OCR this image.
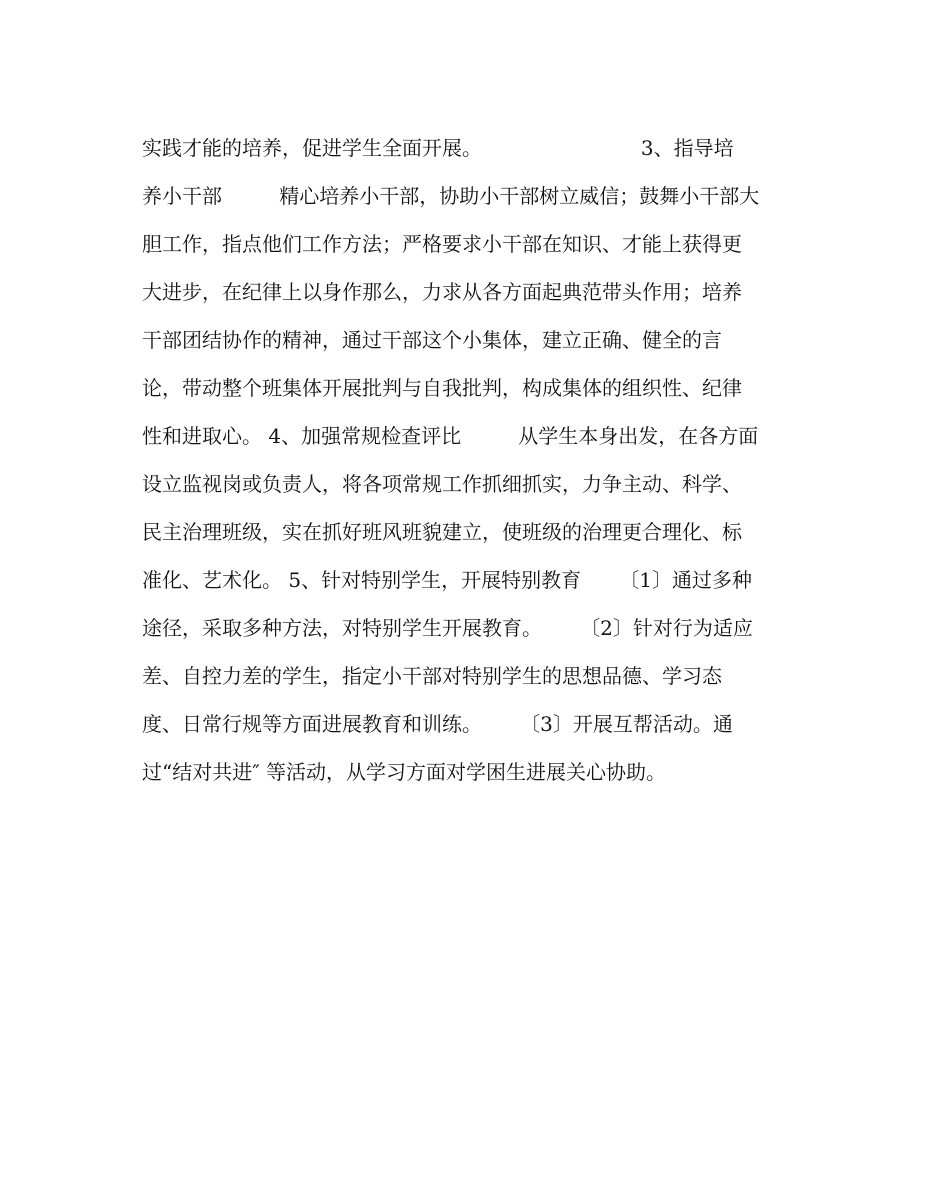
实践才能的培养，促进学生全面开展。                         3、指导培
养小干部         精心培养小干部，协助小干部树立威信；鼓舞小干部大
胆工作，指点他们工作方法；严格要求小干部在知识、才能上获得更
大进步，在纪律上以身作那么，力求从各方面起典范带头作用；培养
干部团结协作的精神，通过干部这个小集体，建立正确、健全的言
论，带动整个班集体开展批判与自我批判，构成集体的组织性、纪律
性和进取心。 4、加强常规检查评比         从学生本身出发，在各方面
设立监视岗或负责人，将各项常规工作抓细抓实，力争主动、科学、
民主治理班级，实在抓好班风班貌建立，使班级的治理更合理化、标
准化、艺术化。 5、针对特别学生，开展特别教育      〔1〕通过多种
途径，采取多种方法，对特别学生开展教育。      〔2〕针对行为适应
差、自控力差的学生，指定小干部对特别学生的思想品德、学习态
度、日常行规等方面进展教育和训练。      〔3〕开展互帮活动。通
过“结对共进″ 等活动，从学习方面对学困生进展关心协助。
